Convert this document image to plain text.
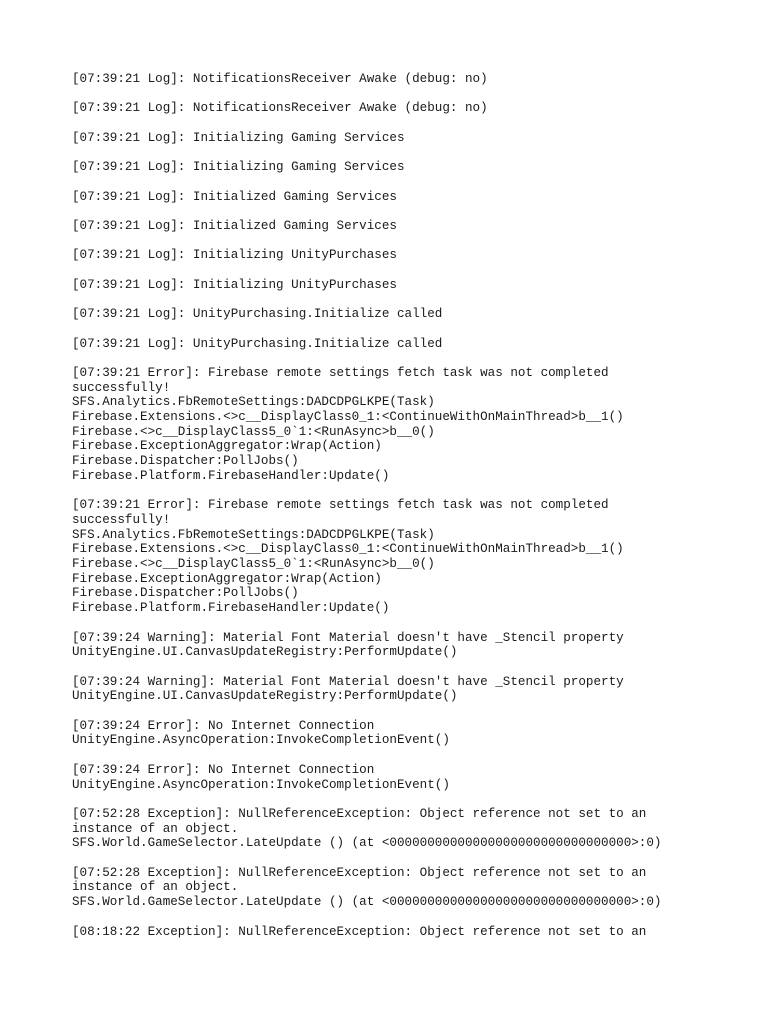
[07:39:21 Log]: NotificationsReceiver Awake (debug: no)
[07:39:21 Log]: NotificationsReceiver Awake (debug: no)
[07:39:21 Log]: Initializing Gaming Services
[07:39:21 Log]: Initializing Gaming Services
[07:39:21 Log]: Initialized Gaming Services
[07:39:21 Log]: Initialized Gaming Services
[07:39:21 Log]: Initializing UnityPurchases
[07:39:21 Log]: Initializing UnityPurchases
[07:39:21 Log]: UnityPurchasing.Initialize called
[07:39:21 Log]: UnityPurchasing.Initialize called
[07:39:21 Error]: Firebase remote settings fetch task was not completed
successfully!
SFS.Analytics.FbRemoteSettings:DADCDPGLKPE(Task)
Firebase.Extensions.<>c__DisplayClass0_1:<ContinueWithOnMainThread>b__1()
Firebase.<>c__DisplayClass5_0`1:<RunAsync>b__0()
Firebase.ExceptionAggregator:Wrap(Action)
Firebase.Dispatcher:PollJobs()
Firebase.Platform.FirebaseHandler:Update()
[07:39:21 Error]: Firebase remote settings fetch task was not completed
successfully!
SFS.Analytics.FbRemoteSettings:DADCDPGLKPE(Task)
Firebase.Extensions.<>c__DisplayClass0_1:<ContinueWithOnMainThread>b__1()
Firebase.<>c__DisplayClass5_0`1:<RunAsync>b__0()
Firebase.ExceptionAggregator:Wrap(Action)
Firebase.Dispatcher:PollJobs()
Firebase.Platform.FirebaseHandler:Update()
[07:39:24 Warning]: Material Font Material doesn't have _Stencil property
UnityEngine.UI.CanvasUpdateRegistry:PerformUpdate()
[07:39:24 Warning]: Material Font Material doesn't have _Stencil property
UnityEngine.UI.CanvasUpdateRegistry:PerformUpdate()
[07:39:24 Error]: No Internet Connection
UnityEngine.AsyncOperation:InvokeCompletionEvent()
[07:39:24 Error]: No Internet Connection
UnityEngine.AsyncOperation:InvokeCompletionEvent()
[07:52:28 Exception]: NullReferenceException: Object reference not set to an
instance of an object.
SFS.World.GameSelector.LateUpdate () (at <00000000000000000000000000000000>:0)
[07:52:28 Exception]: NullReferenceException: Object reference not set to an
instance of an object.
SFS.World.GameSelector.LateUpdate () (at <00000000000000000000000000000000>:0)
[08:18:22 Exception]: NullReferenceException: Object reference not set to an
